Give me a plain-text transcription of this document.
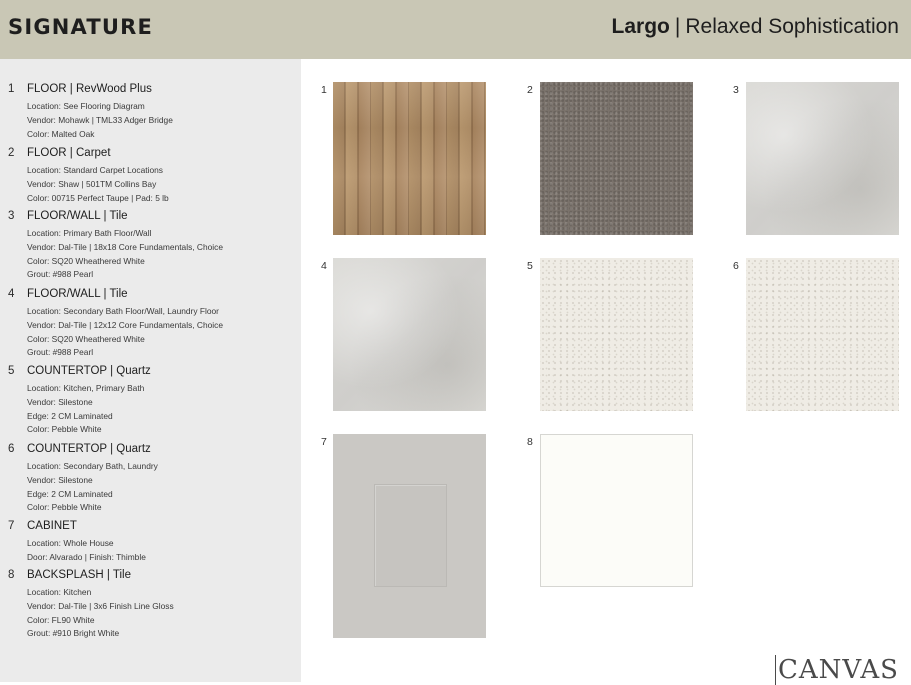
SIGNATURE	Largo | Relaxed Sophistication
1 FLOOR | RevWood Plus
Location: See Flooring Diagram
Vendor: Mohawk | TML33 Adger Bridge
Color: Malted Oak
2 FLOOR | Carpet
Location: Standard Carpet Locations
Vendor: Shaw | 501TM Collins Bay
Color: 00715 Perfect Taupe | Pad: 5 lb
3 FLOOR/WALL | Tile
Location: Primary Bath Floor/Wall
Vendor: Dal-Tile | 18x18 Core Fundamentals, Choice
Color: SQ20 Wheathered White
Grout: #988 Pearl
4 FLOOR/WALL | Tile
Location: Secondary Bath Floor/Wall, Laundry Floor
Vendor: Dal-Tile | 12x12 Core Fundamentals, Choice
Color: SQ20 Wheathered White
Grout: #988 Pearl
5 COUNTERTOP | Quartz
Location: Kitchen, Primary Bath
Vendor: Silestone
Edge: 2 CM Laminated
Color: Pebble White
6 COUNTERTOP | Quartz
Location: Secondary Bath, Laundry
Vendor: Silestone
Edge: 2 CM Laminated
Color: Pebble White
7 CABINET
Location: Whole House
Door: Alvarado | Finish: Thimble
8 BACKSPLASH | Tile
Location: Kitchen
Vendor: Dal-Tile | 3x6 Finish Line Gloss
Color: FL90 White
Grout: #910 Bright White
1	2	3
4	5	6
7	8
CANVAS
